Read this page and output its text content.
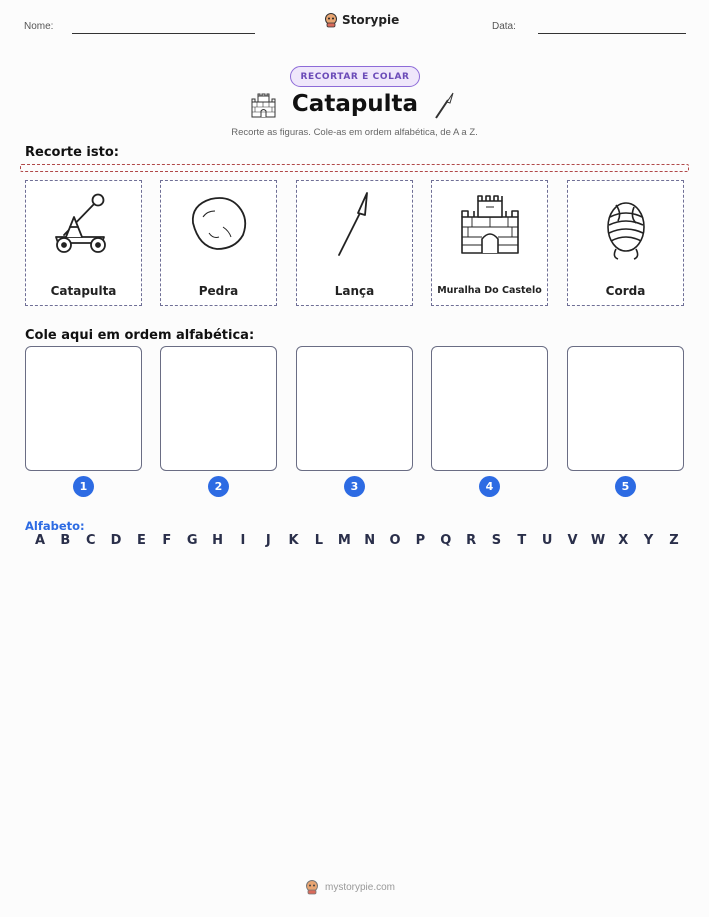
Nome:	Storypie	Data:
RECORTAR E COLAR
Catapulta
Recorte as figuras. Cole-as em ordem alfabética, de A a Z.
Recorte isto:
Catapulta	Pedra	Lança	Muralha Do Castelo	Corda
Cole aqui em ordem alfabética:
1	2	3	4	5
Alfabeto:
A B C D E F G H	I	J	K L M N O P Q R S T U V W X Y Z
mystorypie.com
